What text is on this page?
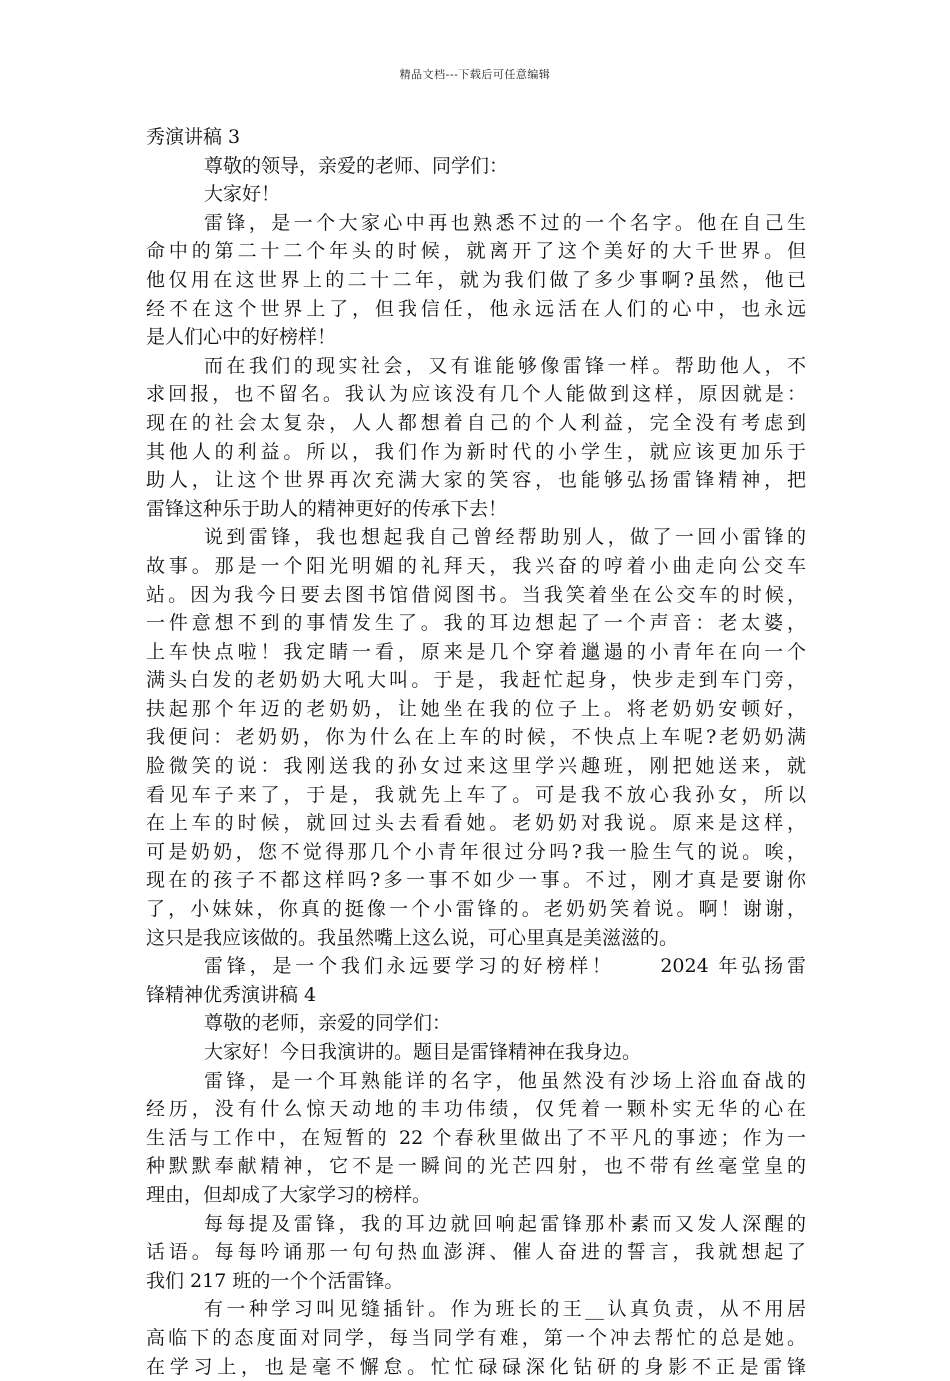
精品文档---下载后可任意编辑
秀演讲稿 3
尊敬的领导，亲爱的老师、同学们：
大家好！
雷锋，是一个大家心中再也熟悉不过的一个名字。他在自己生
命中的第二十二个年头的时候，就离开了这个美好的大千世界。但
他仅用在这世界上的二十二年，就为我们做了多少事啊?虽然，他已
经不在这个世界上了，但我信任，他永远活在人们的心中，也永远
是人们心中的好榜样！
而在我们的现实社会，又有谁能够像雷锋一样。帮助他人，不
求回报，也不留名。我认为应该没有几个人能做到这样，原因就是：
现在的社会太复杂，人人都想着自己的个人利益，完全没有考虑到
其他人的利益。所以，我们作为新时代的小学生，就应该更加乐于
助人，让这个世界再次充满大家的笑容，也能够弘扬雷锋精神，把
雷锋这种乐于助人的精神更好的传承下去！
说到雷锋，我也想起我自己曾经帮助别人，做了一回小雷锋的
故事。那是一个阳光明媚的礼拜天，我兴奋的哼着小曲走向公交车
站。因为我今日要去图书馆借阅图书。当我笑着坐在公交车的时候，
一件意想不到的事情发生了。我的耳边想起了一个声音：老太婆，
上车快点啦！我定睛一看，原来是几个穿着邋遢的小青年在向一个
满头白发的老奶奶大吼大叫。于是，我赶忙起身，快步走到车门旁，
扶起那个年迈的老奶奶，让她坐在我的位子上。将老奶奶安顿好，
我便问：老奶奶，你为什么在上车的时候，不快点上车呢?老奶奶满
脸微笑的说：我刚送我的孙女过来这里学兴趣班，刚把她送来，就
看见车子来了，于是，我就先上车了。可是我不放心我孙女，所以
在上车的时候，就回过头去看看她。老奶奶对我说。原来是这样，
可是奶奶，您不觉得那几个小青年很过分吗?我一脸生气的说。唉，
现在的孩子不都这样吗?多一事不如少一事。不过，刚才真是要谢你
了，小妹妹，你真的挺像一个小雷锋的。老奶奶笑着说。啊！谢谢，
这只是我应该做的。我虽然嘴上这么说，可心里真是美滋滋的。
雷锋，是一个我们永远要学习的好榜样！　　2024 年弘扬雷
锋精神优秀演讲稿 4
尊敬的老师，亲爱的同学们：
大家好！今日我演讲的。题目是雷锋精神在我身边。
雷锋，是一个耳熟能详的名字，他虽然没有沙场上浴血奋战的
经历，没有什么惊天动地的丰功伟绩，仅凭着一颗朴实无华的心在
生活与工作中，在短暂的 22 个春秋里做出了不平凡的事迹；作为一
种默默奉献精神，它不是一瞬间的光芒四射，也不带有丝毫堂皇的
理由，但却成了大家学习的榜样。
每每提及雷锋，我的耳边就回响起雷锋那朴素而又发人深醒的
话语。每每吟诵那一句句热血澎湃、催人奋进的誓言，我就想起了
我们 217 班的一个个活雷锋。
有一种学习叫见缝插针。作为班长的王__认真负责，从不用居
高临下的态度面对同学，每当同学有难，第一个冲去帮忙的总是她。
在学习上，也是毫不懈怠。忙忙碌碌深化钻研的身影不正是雷锋
